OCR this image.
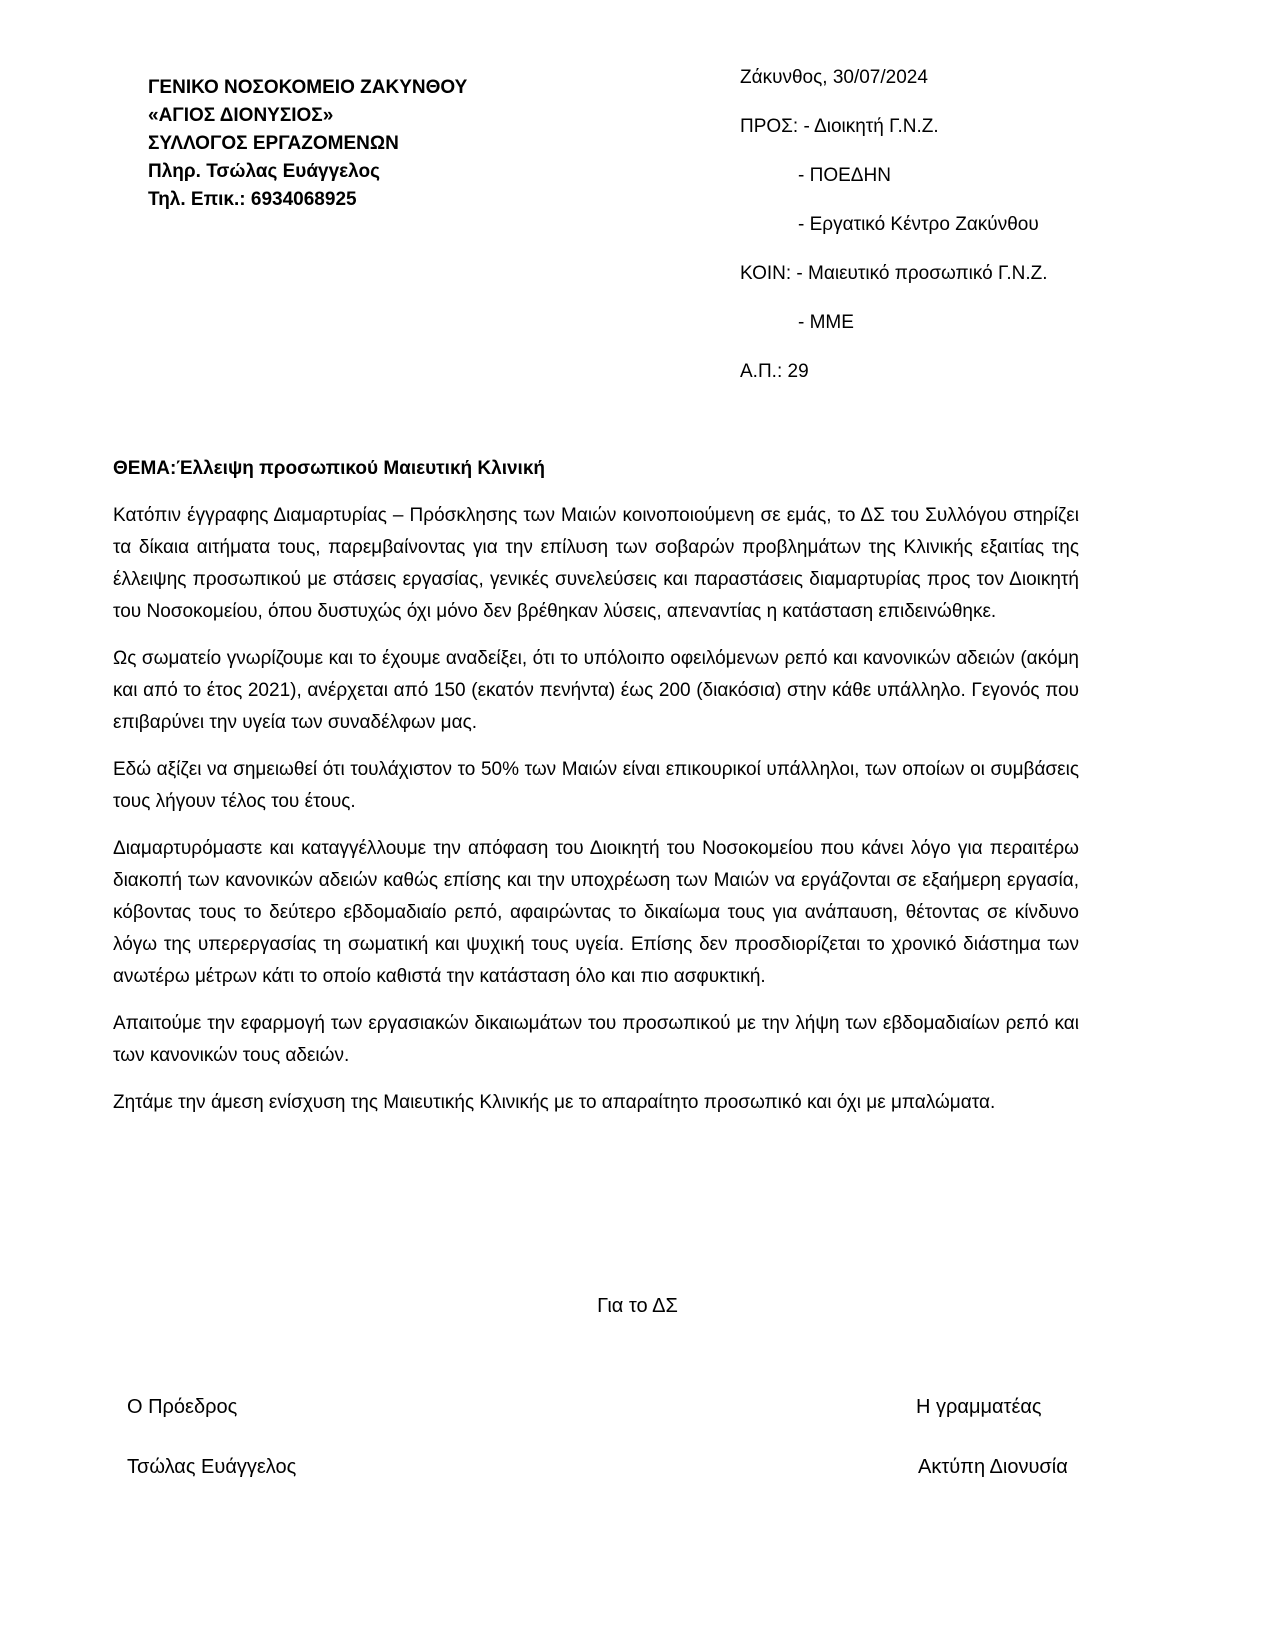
ΓΕΝΙΚΟ ΝΟΣΟΚΟΜΕΙΟ ΖΑΚΥΝΘΟΥ
«ΑΓΙΟΣ ΔΙΟΝΥΣΙΟΣ»
ΣΥΛΛΟΓΟΣ ΕΡΓΑΖΟΜΕΝΩΝ
Πληρ. Τσώλας Ευάγγελος
Τηλ. Επικ.: 6934068925
Ζάκυνθος, 30/07/2024
ΠΡΟΣ: - Διοικητή Γ.Ν.Ζ.
- ΠΟΕΔΗΝ
- Εργατικό Κέντρο Ζακύνθου
ΚΟΙΝ: - Μαιευτικό προσωπικό Γ.Ν.Ζ.
- ΜΜΕ
Α.Π.: 29
ΘΕΜΑ:Έλλειψη προσωπικού Μαιευτική Κλινική

Κατόπιν έγγραφης Διαμαρτυρίας – Πρόσκλησης των Μαιών κοινοποιούμενη σε εμάς, το ΔΣ του Συλλόγου στηρίζει τα δίκαια αιτήματα τους, παρεμβαίνοντας για την επίλυση των σοβαρών προβλημάτων της Κλινικής εξαιτίας της έλλειψης προσωπικού με στάσεις εργασίας, γενικές συνελεύσεις και παραστάσεις διαμαρτυρίας προς τον Διοικητή του Νοσοκομείου, όπου δυστυχώς όχι μόνο δεν βρέθηκαν λύσεις, απεναντίας η κατάσταση επιδεινώθηκε.

Ως σωματείο γνωρίζουμε και το έχουμε αναδείξει, ότι το υπόλοιπο οφειλόμενων ρεπό και κανονικών αδειών (ακόμη και από το έτος 2021), ανέρχεται από 150 (εκατόν πενήντα) έως 200 (διακόσια) στην κάθε υπάλληλο. Γεγονός που επιβαρύνει την υγεία των συναδέλφων μας.

Εδώ αξίζει να σημειωθεί ότι τουλάχιστον το 50% των Μαιών είναι επικουρικοί υπάλληλοι, των οποίων οι συμβάσεις τους λήγουν τέλος του έτους.

Διαμαρτυρόμαστε και καταγγέλλουμε την απόφαση του Διοικητή του Νοσοκομείου που κάνει λόγο για περαιτέρω διακοπή των κανονικών αδειών καθώς επίσης και την υποχρέωση των Μαιών να εργάζονται σε εξαήμερη εργασία, κόβοντας τους το δεύτερο εβδομαδιαίο ρεπό, αφαιρώντας το δικαίωμα τους για ανάπαυση, θέτοντας σε κίνδυνο λόγω της υπερεργασίας τη σωματική και ψυχική τους υγεία. Επίσης δεν προσδιορίζεται το χρονικό διάστημα των ανωτέρω μέτρων κάτι το οποίο καθιστά την κατάσταση όλο και πιο ασφυκτική.

Απαιτούμε την εφαρμογή των εργασιακών δικαιωμάτων του προσωπικού με την λήψη των εβδομαδιαίων ρεπό και των κανονικών τους αδειών.

Ζητάμε την άμεση ενίσχυση της Μαιευτικής Κλινικής με το απαραίτητο προσωπικό και όχι με μπαλώματα.

Για το ΔΣ
Ο Πρόεδρος
Τσώλας Ευάγγελος
Η γραμματέας
Ακτύπη Διονυσία
